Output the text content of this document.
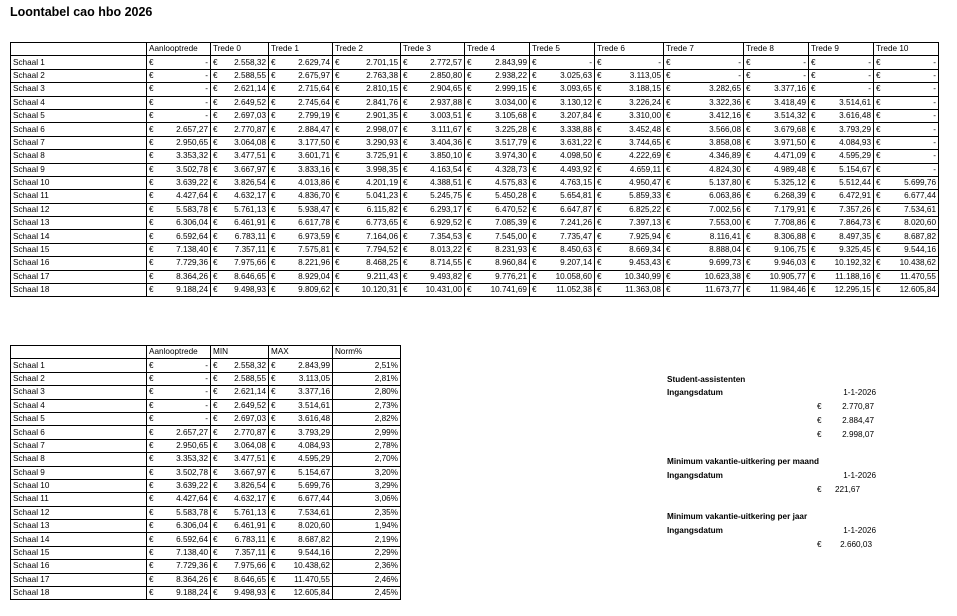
Loontabel cao hbo 2026
	Aanlooptrede	Trede 0	Trede 1	Trede 2	Trede 3	Trede 4	Trede 5	Trede 6	Trede 7	Trede 8	Trede 9	Trede 10
Schaal 1	€ -	€ 2.558,32	€ 2.629,74	€ 2.701,15	€ 2.772,57	€ 2.843,99	€ -	€ -	€ -	€ -	€ -	€ -

Schaal 2	€ -	€ 2.588,55	€ 2.675,97	€ 2.763,38	€ 2.850,80	€ 2.938,22	€ 3.025,63	€ 3.113,05	€ -	€ -	€ -	€ -

Schaal 3	€ -	€ 2.621,14	€ 2.715,64	€ 2.810,15	€ 2.904,65	€ 2.999,15	€ 3.093,65	€ 3.188,15	€ 3.282,65	€ 3.377,16	€ -	€ -

Schaal 4	€ -	€ 2.649,52	€ 2.745,64	€ 2.841,76	€ 2.937,88	€ 3.034,00	€ 3.130,12	€ 3.226,24	€ 3.322,36	€ 3.418,49	€ 3.514,61	€ -

Schaal 5	€ -	€ 2.697,03	€ 2.799,19	€ 2.901,35	€ 3.003,51	€ 3.105,68	€ 3.207,84	€ 3.310,00	€ 3.412,16	€ 3.514,32	€ 3.616,48	€ -

Schaal 6	€ 2.657,27	€ 2.770,87	€ 2.884,47	€ 2.998,07	€ 3.111,67	€ 3.225,28	€ 3.338,88	€ 3.452,48	€ 3.566,08	€ 3.679,68	€ 3.793,29	€ -

Schaal 7	€ 2.950,65	€ 3.064,08	€ 3.177,50	€ 3.290,93	€ 3.404,36	€ 3.517,79	€ 3.631,22	€ 3.744,65	€ 3.858,08	€ 3.971,50	€ 4.084,93	€ -

Schaal 8	€ 3.353,32	€ 3.477,51	€ 3.601,71	€ 3.725,91	€ 3.850,10	€ 3.974,30	€ 4.098,50	€ 4.222,69	€ 4.346,89	€ 4.471,09	€ 4.595,29	€ -

Schaal 9	€ 3.502,78	€ 3.667,97	€ 3.833,16	€ 3.998,35	€ 4.163,54	€ 4.328,73	€ 4.493,92	€ 4.659,11	€ 4.824,30	€ 4.989,48	€ 5.154,67	€ -

Schaal 10	€ 3.639,22	€ 3.826,54	€ 4.013,86	€ 4.201,19	€ 4.388,51	€ 4.575,83	€ 4.763,15	€ 4.950,47	€ 5.137,80	€ 5.325,12	€ 5.512,44	€ 5.699,76

Schaal 11	€ 4.427,64	€ 4.632,17	€ 4.836,70	€ 5.041,23	€ 5.245,75	€ 5.450,28	€ 5.654,81	€ 5.859,33	€ 6.063,86	€ 6.268,39	€ 6.472,91	€ 6.677,44

Schaal 12	€ 5.583,78	€ 5.761,13	€ 5.938,47	€ 6.115,82	€ 6.293,17	€ 6.470,52	€ 6.647,87	€ 6.825,22	€ 7.002,56	€ 7.179,91	€ 7.357,26	€ 7.534,61

Schaal 13	€ 6.306,04	€ 6.461,91	€ 6.617,78	€ 6.773,65	€ 6.929,52	€ 7.085,39	€ 7.241,26	€ 7.397,13	€ 7.553,00	€ 7.708,86	€ 7.864,73	€ 8.020,60

Schaal 14	€ 6.592,64	€ 6.783,11	€ 6.973,59	€ 7.164,06	€ 7.354,53	€ 7.545,00	€ 7.735,47	€ 7.925,94	€ 8.116,41	€ 8.306,88	€ 8.497,35	€ 8.687,82

Schaal 15	€ 7.138,40	€ 7.357,11	€ 7.575,81	€ 7.794,52	€ 8.013,22	€ 8.231,93	€ 8.450,63	€ 8.669,34	€ 8.888,04	€ 9.106,75	€ 9.325,45	€ 9.544,16

Schaal 16	€ 7.729,36	€ 7.975,66	€ 8.221,96	€ 8.468,25	€ 8.714,55	€ 8.960,84	€ 9.207,14	€ 9.453,43	€ 9.699,73	€ 9.946,03	€ 10.192,32	€ 10.438,62

Schaal 17	€ 8.364,26	€ 8.646,65	€ 8.929,04	€ 9.211,43	€ 9.493,82	€ 9.776,21	€ 10.058,60	€ 10.340,99	€ 10.623,38	€ 10.905,77	€ 11.188,16	€ 11.470,55

Schaal 18	€ 9.188,24	€ 9.498,93	€ 9.809,62	€ 10.120,31	€ 10.431,00	€ 10.741,69	€ 11.052,38	€ 11.363,08	€ 11.673,77	€ 11.984,46	€ 12.295,15	€ 12.605,84
	Aanlooptrede	MIN	MAX	Norm%
Schaal 1	€ -	€ 2.558,32	€ 2.843,99	2,51%
Schaal 2	€ -	€ 2.588,55	€ 3.113,05	2,81%
Schaal 3	€ -	€ 2.621,14	€ 3.377,16	2,80%
Schaal 4	€ -	€ 2.649,52	€ 3.514,61	2,73%
Schaal 5	€ -	€ 2.697,03	€ 3.616,48	2,82%
Schaal 6	€ 2.657,27	€ 2.770,87	€ 3.793,29	2,99%
Schaal 7	€ 2.950,65	€ 3.064,08	€ 4.084,93	2,78%
Schaal 8	€ 3.353,32	€ 3.477,51	€ 4.595,29	2,70%
Schaal 9	€ 3.502,78	€ 3.667,97	€ 5.154,67	3,20%
Schaal 10	€ 3.639,22	€ 3.826,54	€ 5.699,76	3,29%
Schaal 11	€ 4.427,64	€ 4.632,17	€ 6.677,44	3,06%
Schaal 12	€ 5.583,78	€ 5.761,13	€ 7.534,61	2,35%
Schaal 13	€ 6.306,04	€ 6.461,91	€ 8.020,60	1,94%
Schaal 14	€ 6.592,64	€ 6.783,11	€ 8.687,82	2,19%
Schaal 15	€ 7.138,40	€ 7.357,11	€ 9.544,16	2,29%
Schaal 16	€ 7.729,36	€ 7.975,66	€ 10.438,62	2,36%
Schaal 17	€ 8.364,26	€ 8.646,65	€ 11.470,55	2,46%
Schaal 18	€ 9.188,24	€ 9.498,93	€ 12.605,84	2,45%
Student-assistenten
Ingangsdatum	1-1-2026
€	2.770,87
€	2.884,47
€	2.998,07
Minimum vakantie-uitkering per maand
Ingangsdatum	1-1-2026
€	221,67
Minimum vakantie-uitkering per jaar
Ingangsdatum	1-1-2026
€	2.660,03
